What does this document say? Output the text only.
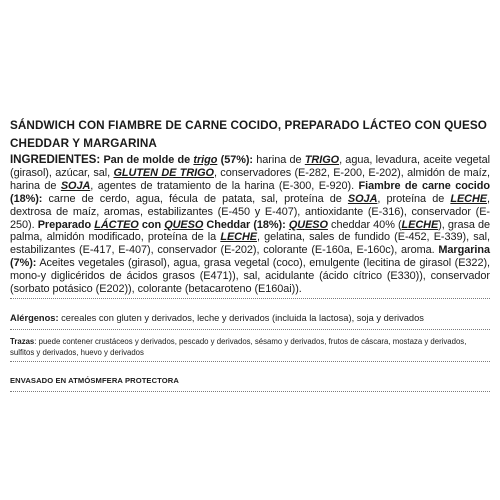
SÁNDWICH CON FIAMBRE DE CARNE COCIDO, PREPARADO LÁCTEO CON QUESO CHEDDAR Y MARGARINA
INGREDIENTES: Pan de molde de trigo (57%): harina de TRIGO, agua, levadura, aceite vegetal (girasol), azúcar, sal, GLUTEN DE TRIGO, conservadores (E-282, E-200, E-202), almidón de maíz, harina de SOJA, agentes de tratamiento de la harina (E-300, E-920). Fiambre de carne cocido (18%): carne de cerdo, agua, fécula de patata, sal, proteína de SOJA, proteína de LECHE, dextrosa de maíz, aromas, estabilizantes (E-450 y E-407), antioxidante (E-316), conservador (E-250). Preparado LÁCTEO con QUESO Cheddar (18%): QUESO cheddar 40% (LECHE), grasa de palma, almidón modificado, proteína de la LECHE, gelatina, sales de fundido (E-452, E-339), sal, estabilizantes (E-417, E-407), conservador (E-202), colorante (E-160a, E-160c), aroma. Margarina (7%): Aceites vegetales (girasol), agua, grasa vegetal (coco), emulgente (lecitina de girasol (E322), mono-y diglicéridos de ácidos grasos (E471)), sal, acidulante (ácido cítrico (E330)), conservador (sorbato potásico (E202)), colorante (betacaroteno (E160ai)).
Alérgenos: cereales con gluten y derivados, leche y derivados (incluida la lactosa), soja y derivados
Trazas: puede contener crustáceos y derivados, pescado y derivados, sésamo y derivados, frutos de cáscara, mostaza y derivados, sulfitos y derivados, huevo y derivados
ENVASADO EN ATMÓSMFERA PROTECTORA
